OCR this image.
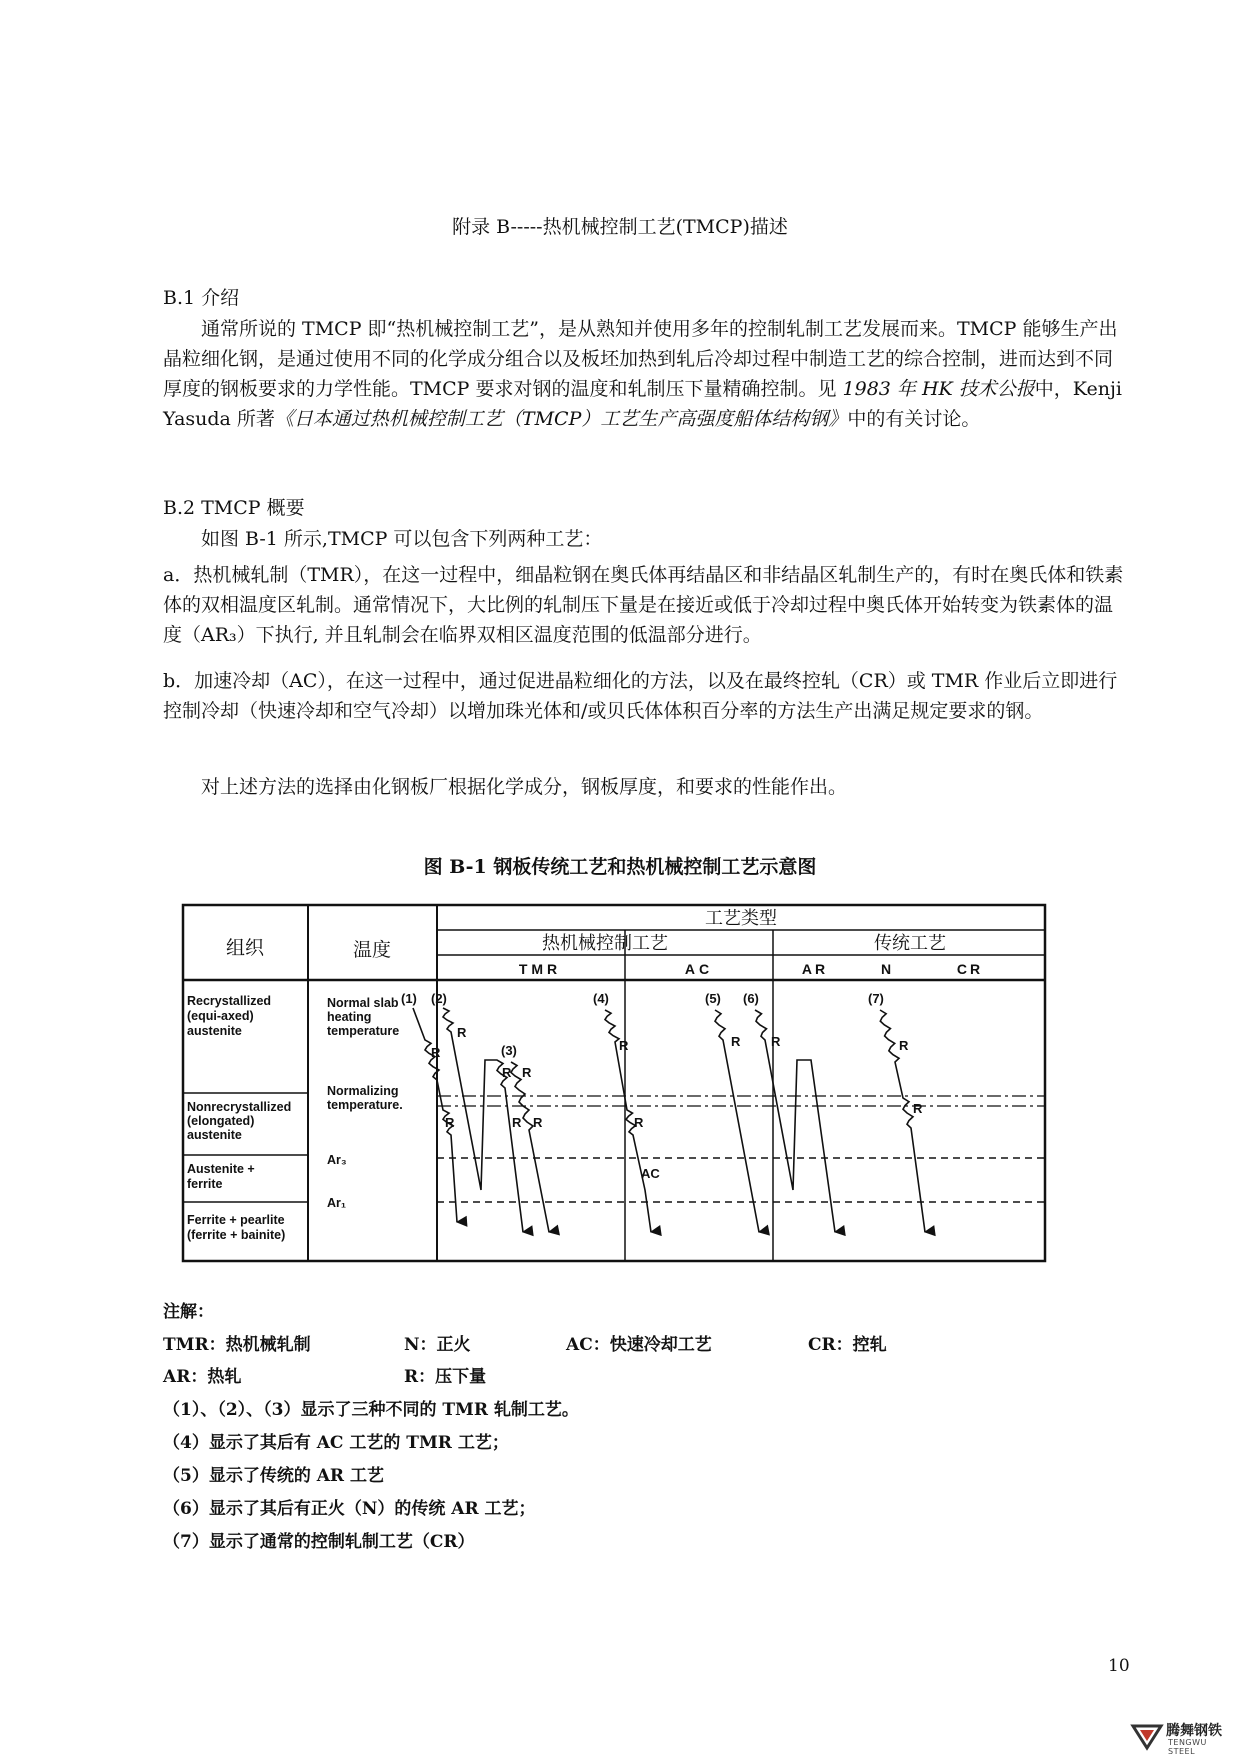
附录 B-----热机械控制工艺(TMCP)描述
B.1 介绍
通常所说的 TMCP 即“热机械控制工艺”，是从熟知并使用多年的控制轧制工艺发展而来。TMCP 能够生产出晶粒细化钢，是通过使用不同的化学成分组合以及板坯加热到轧后冷却过程中制造工艺的综合控制，进而达到不同厚度的钢板要求的力学性能。TMCP 要求对钢的温度和轧制压下量精确控制。见 1983 年 HK 技术公报中，Kenji Yasuda 所著《日本通过热机械控制工艺（TMCP）工艺生产高强度船体结构钢》中的有关讨论。
B.2 TMCP 概要
如图 B-1 所示,TMCP 可以包含下列两种工艺：
a．热机械轧制（TMR），在这一过程中，细晶粒钢在奥氏体再结晶区和非结晶区轧制生产的，有时在奥氏体和铁素体的双相温度区轧制。通常情况下，大比例的轧制压下量是在接近或低于冷却过程中奥氏体开始转变为铁素体的温度（AR₃）下执行, 并且轧制会在临界双相区温度范围的低温部分进行。
b．加速冷却（AC），在这一过程中，通过促进晶粒细化的方法，以及在最终控轧（CR）或 TMR 作业后立即进行控制冷却（快速冷却和空气冷却）以增加珠光体和/或贝氏体体积百分率的方法生产出满足规定要求的钢。
对上述方法的选择由化钢板厂根据化学成分，钢板厚度，和要求的性能作出。
图 B-1 钢板传统工艺和热机械控制工艺示意图
组织	温度
工艺类型
热机械控制工艺	传统工艺
TMR	AC	AR	N	CR
Recrystallized
(equi-axed)
austenite
Nonrecrystallized
(elongated)
austenite
Austenite +
ferrite
Ferrite + pearlite
(ferrite + bainite)
Normal slab
heating
temperature
Normalizing
temperature.
Ar₃
Ar₁
(1)
R
R
(2)
R
R
(3)
R R
R
(4)
R
R
AC
(5)
R
(6)
R
(7)
R
R
注解：
TMR：热机械轧制	N：正火	AC：快速冷却工艺	CR：控轧
AR：热轧	R：压下量
（1）、（2）、（3）显示了三种不同的 TMR 轧制工艺。
（4）显示了其后有 AC 工艺的 TMR 工艺；
（5）显示了传统的 AR 工艺
（6）显示了其后有正火（N）的传统 AR 工艺；
（7）显示了通常的控制轧制工艺（CR）
10
腾舞钢铁
TENGWU STEEL
